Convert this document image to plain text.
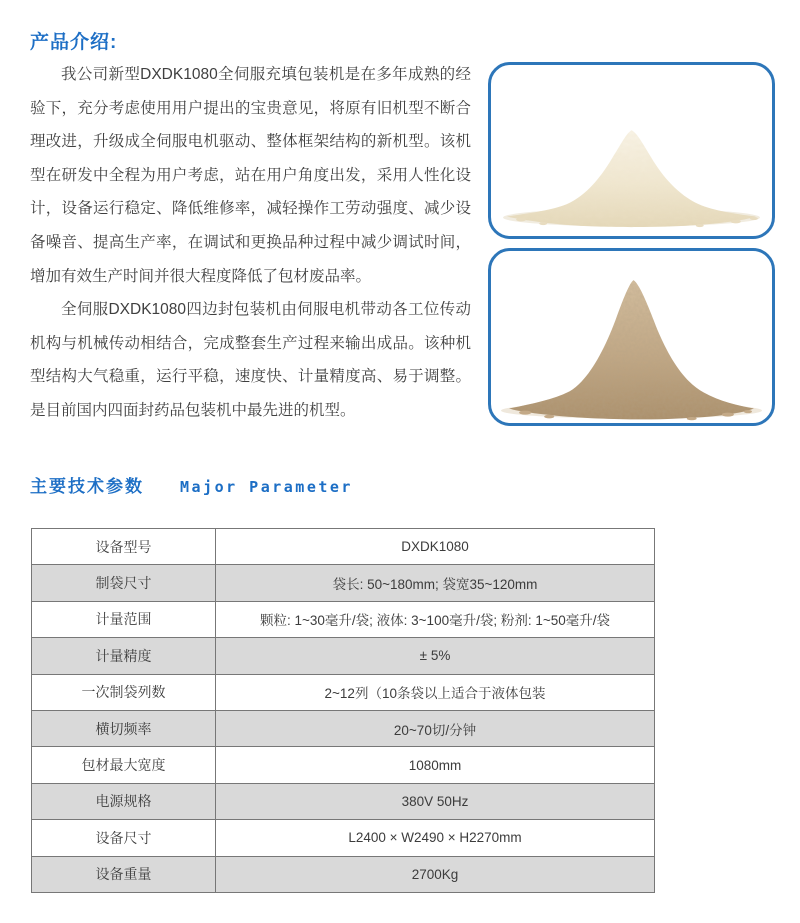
产品介绍:

我公司新型DXDK1080全伺服充填包装机是在多年成熟的经验下，充分考虑使用用户提出的宝贵意见，将原有旧机型不断合理改进，升级成全伺服电机驱动、整体框架结构的新机型。该机型在研发中全程为用户考虑，站在用户角度出发，采用人性化设计，设备运行稳定、降低维修率，减轻操作工劳动强度、减少设备噪音、提高生产率，在调试和更换品种过程中减少调试时间，增加有效生产时间并很大程度降低了包材废品率。

全伺服DXDK1080四边封包装机由伺服电机带动各工位传动机构与机械传动相结合，完成整套生产过程来输出成品。该种机型结构大气稳重，运行平稳，速度快、计量精度高、易于调整。是目前国内四面封药品包装机中最先进的机型。

主要技术参数 Major Parameter
设备型号	DXDK1080
制袋尺寸	袋长: 50~180mm; 袋宽35~120mm
计量范围	颗粒: 1~30毫升/袋; 液体: 3~100毫升/袋; 粉剂: 1~50毫升/袋
计量精度	± 5%
一次制袋列数	2~12列（10条袋以上适合于液体包装
横切频率	20~70切/分钟
包材最大宽度	1080mm
电源规格	380V 50Hz
设备尺寸	L2400 × W2490 × H2270mm
设备重量	2700Kg
